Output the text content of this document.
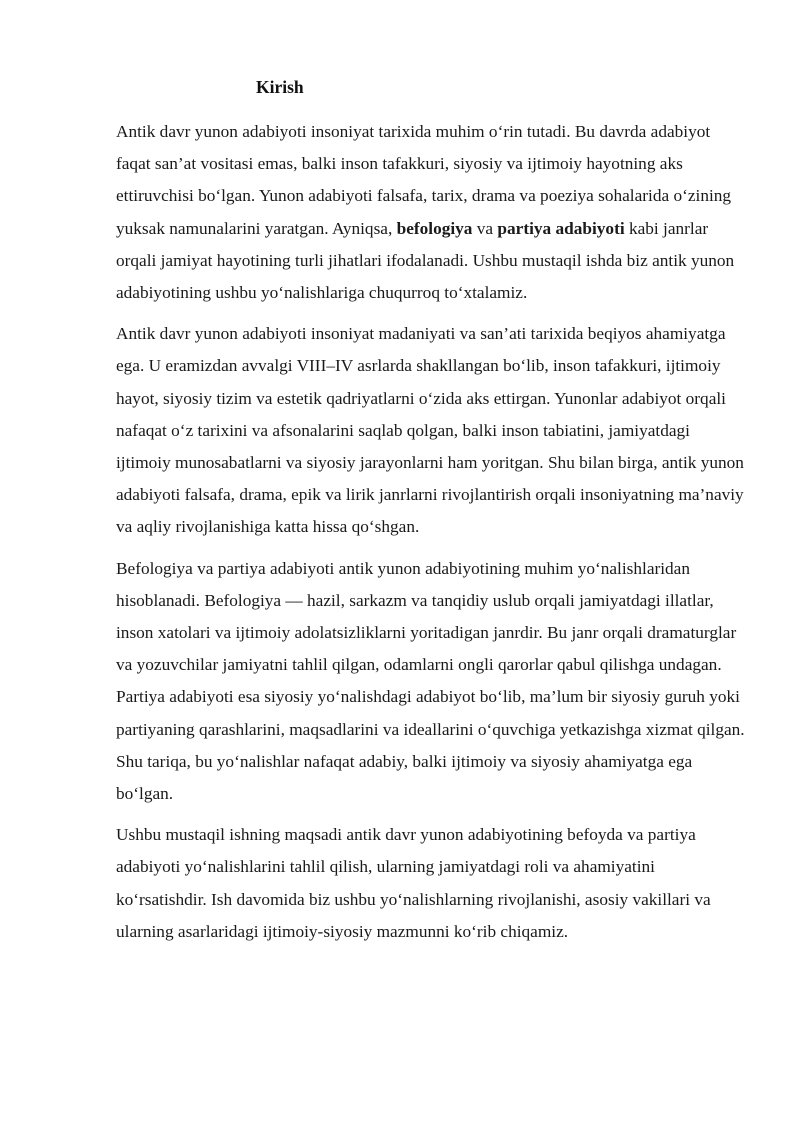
Kirish

Antik davr yunon adabiyoti insoniyat tarixida muhim o‘rin tutadi. Bu davrda adabiyot faqat san’at vositasi emas, balki inson tafakkuri, siyosiy va ijtimoiy hayotning aks ettiruvchisi bo‘lgan. Yunon adabiyoti falsafa, tarix, drama va poeziya sohalarida o‘zining yuksak namunalarini yaratgan. Ayniqsa, befologiya va partiya adabiyoti kabi janrlar orqali jamiyat hayotining turli jihatlari ifodalanadi. Ushbu mustaqil ishda biz antik yunon adabiyotining ushbu yo‘nalishlariga chuqurroq to‘xtalamiz.

Antik davr yunon adabiyoti insoniyat madaniyati va san’ati tarixida beqiyos ahamiyatga ega. U eramizdan avvalgi VIII–IV asrlarda shakllangan bo‘lib, inson tafakkuri, ijtimoiy hayot, siyosiy tizim va estetik qadriyatlarni o‘zida aks ettirgan. Yunonlar adabiyot orqali nafaqat o‘z tarixini va afsonalarini saqlab qolgan, balki inson tabiatini, jamiyatdagi ijtimoiy munosabatlarni va siyosiy jarayonlarni ham yoritgan. Shu bilan birga, antik yunon adabiyoti falsafa, drama, epik va lirik janrlarni rivojlantirish orqali insoniyatning ma’naviy va aqliy rivojlanishiga katta hissa qo‘shgan.

Befologiya va partiya adabiyoti antik yunon adabiyotining muhim yo‘nalishlaridan hisoblanadi. Befologiya — hazil, sarkazm va tanqidiy uslub orqali jamiyatdagi illatlar, inson xatolari va ijtimoiy adolatsizliklarni yoritadigan janrdir. Bu janr orqali dramaturglar va yozuvchilar jamiyatni tahlil qilgan, odamlarni ongli qarorlar qabul qilishga undagan. Partiya adabiyoti esa siyosiy yo‘nalishdagi adabiyot bo‘lib, ma’lum bir siyosiy guruh yoki partiyaning qarashlarini, maqsadlarini va ideallarini o‘quvchiga yetkazishga xizmat qilgan. Shu tariqa, bu yo‘nalishlar nafaqat adabiy, balki ijtimoiy va siyosiy ahamiyatga ega bo‘lgan.

Ushbu mustaqil ishning maqsadi antik davr yunon adabiyotining befoyda va partiya adabiyoti yo‘nalishlarini tahlil qilish, ularning jamiyatdagi roli va ahamiyatini ko‘rsatishdir. Ish davomida biz ushbu yo‘nalishlarning rivojlanishi, asosiy vakillari va ularning asarlaridagi ijtimoiy-siyosiy mazmunni ko‘rib chiqamiz.
